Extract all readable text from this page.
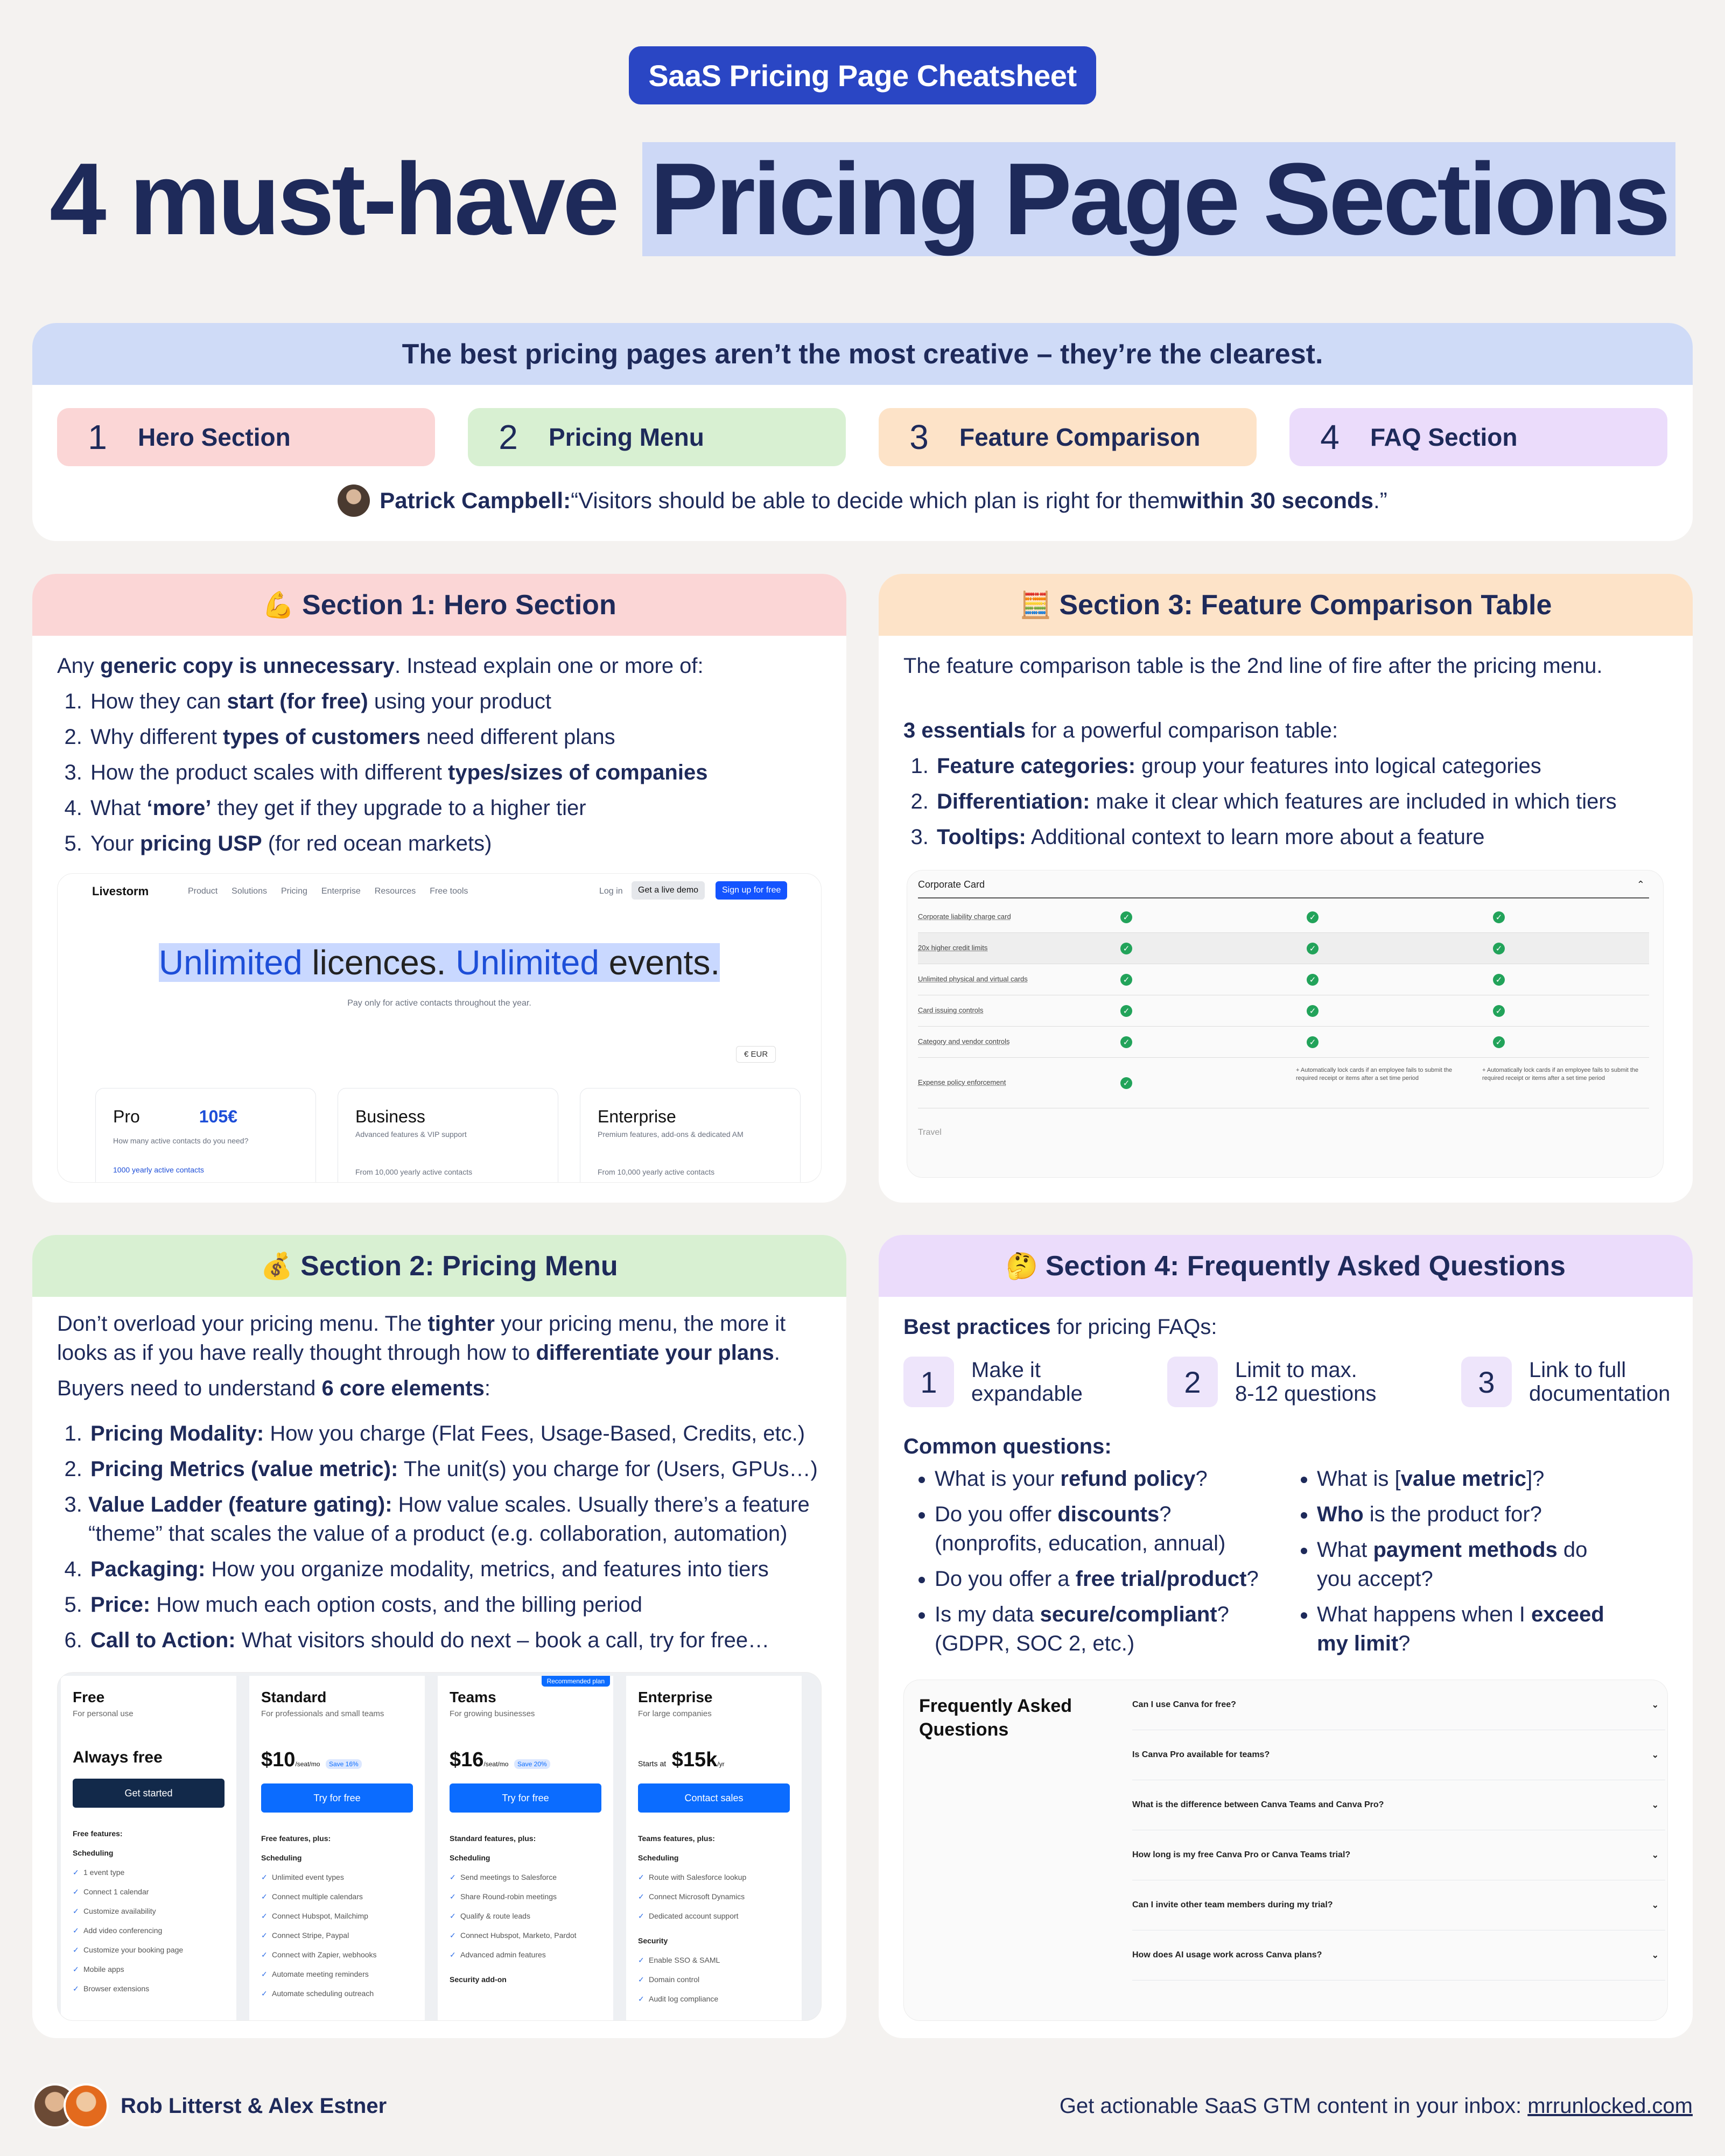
SaaS Pricing Page Cheatsheet
4 must-have Pricing Page Sections
The best pricing pages aren’t the most creative – they’re the clearest.
1	Hero Section	2	Pricing Menu	3	Feature Comparison	4	FAQ Section
Patrick Campbell: “Visitors should be able to decide which plan is right for them within 30 seconds .”
💪 Section 1: Hero Section
Any generic copy is unnecessary. Instead explain one or more of:
1. How they can start (for free) using your product
2. Why different types of customers need different plans
3. How the product scales with different types/sizes of companies
4. What ‘more’ they get if they upgrade to a higher tier
5. Your pricing USP (for red ocean markets)
Livestorm	Product Solutions Pricing Enterprise Resources Free tools	Log in	Get a live demo	Sign up for free
Unlimited licences. Unlimited events.
Pay only for active contacts throughout the year.
€ EUR
Pro	105€
How many active contacts do you need?
1000 yearly active contacts
Business
Advanced features & VIP support
From 10,000 yearly active contacts
Enterprise
Premium features, add-ons & dedicated AM
From 10,000 yearly active contacts
🧮 Section 3: Feature Comparison Table
The feature comparison table is the 2nd line of fire after the pricing menu.
3 essentials for a powerful comparison table:
1. Feature categories: group your features into logical categories
2. Differentiation: make it clear which features are included in which tiers
3. Tooltips: Additional context to learn more about a feature
Corporate Card	⌃
Corporate liability charge card	✓	✓	✓
20x higher credit limits	✓	✓	✓
Unlimited physical and virtual cards	✓	✓	✓
Card issuing controls	✓	✓	✓
Category and vendor controls	✓	✓	✓
Expense policy enforcement	✓
+ Automatically lock cards if an employee fails to submit the required receipt or items after a set time period
+ Automatically lock cards if an employee fails to submit the required receipt or items after a set time period
Travel
💰 Section 2: Pricing Menu
Don’t overload your pricing menu. The tighter your pricing menu, the more it looks as if you have really thought through how to differentiate your plans.
Buyers need to understand 6 core elements:
1. Pricing Modality: How you charge (Flat Fees, Usage-Based, Credits, etc.)
2. Pricing Metrics (value metric): The unit(s) you charge for (Users, GPUs…)
3. Value Ladder (feature gating): How value scales. Usually there’s a feature “theme” that scales the value of a product (e.g. collaboration, automation)
4. Packaging: How you organize modality, metrics, and features into tiers
5. Price: How much each option costs, and the billing period
6. Call to Action: What visitors should do next – book a call, try for free…
Free
For personal use
Always free
Get started
Free features:
Scheduling
✓ 1 event type
✓ Connect 1 calendar
✓ Customize availability
✓ Add video conferencing
✓ Customize your booking page
✓ Mobile apps
✓ Browser extensions
Standard
For professionals and small teams
$10/seat/mo Save 16%
Try for free
Free features, plus:
Scheduling
✓ Unlimited event types
✓ Connect multiple calendars
✓ Connect Hubspot, Mailchimp
✓ Connect Stripe, Paypal
✓ Connect with Zapier, webhooks
✓ Automate meeting reminders
✓ Automate scheduling outreach
Recommended plan
Teams
For growing businesses
$16/seat/mo Save 20%
Try for free
Standard features, plus:
Scheduling
✓ Send meetings to Salesforce
✓ Share Round-robin meetings
✓ Qualify & route leads
✓ Connect Hubspot, Marketo, Pardot
✓ Advanced admin features
Security add-on
Enterprise
For large companies
Starts at $15k/yr
Contact sales
Teams features, plus:
Scheduling
✓ Route with Salesforce lookup
✓ Connect Microsoft Dynamics
✓ Dedicated account support
Security
✓ Enable SSO & SAML
✓ Domain control
✓ Audit log compliance
🤔 Section 4: Frequently Asked Questions
Best practices for pricing FAQs:
1	Make it
expandable	2	Limit to max.
8-12 questions	3	Link to full
documentation
Common questions:
• What is your refund policy?
• Do you offer discounts? (nonprofits, education, annual)
• Do you offer a free trial/product?
• Is my data secure/compliant? (GDPR, SOC 2, etc.)
• What is [value metric]?
• Who is the product for?
• What payment methods do you accept?
• What happens when I exceed my limit?
Frequently Asked Questions
Can I use Canva for free?	⌄
Is Canva Pro available for teams?	⌄
What is the difference between Canva Teams and Canva Pro?	⌄
How long is my free Canva Pro or Canva Teams trial?	⌄
Can I invite other team members during my trial?	⌄
How does AI usage work across Canva plans?	⌄
Rob Litterst & Alex Estner	Get actionable SaaS GTM content in your inbox: mrrunlocked.com
